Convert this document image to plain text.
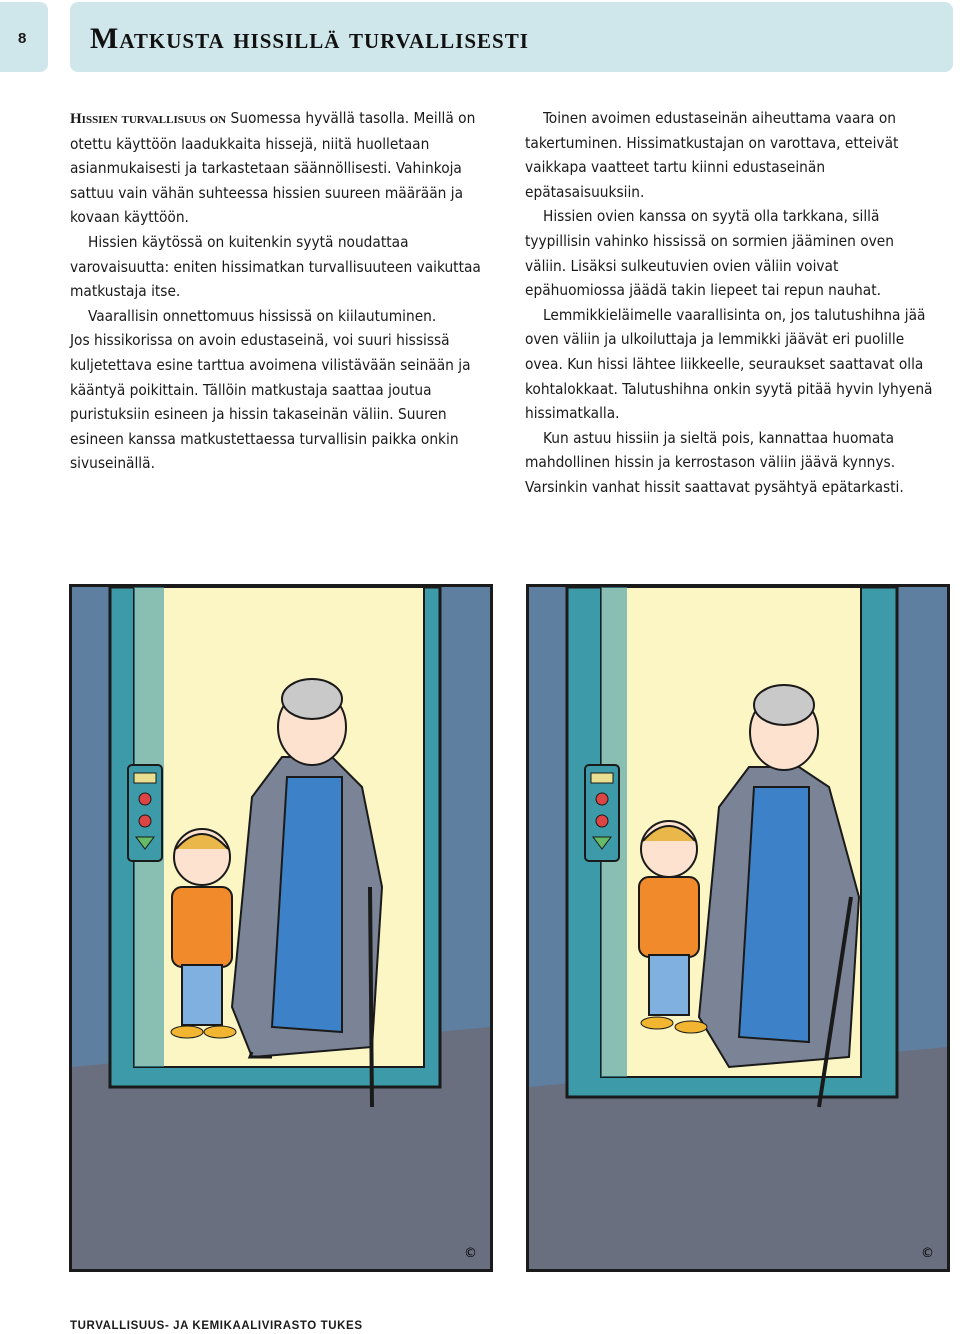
8 Matkusta hissillä turvallisesti

Hissien turvallisuus on Suomessa hyvällä tasolla. Meillä on otettu käyttöön laadukkaita hissejä, niitä huolletaan asianmukaisesti ja tarkastetaan säännöllisesti. Vahinkoja sattuu vain vähän suhteessa hissien suureen määrään ja kovaan käyttöön.

Hissien käytössä on kuitenkin syytä noudattaa varovaisuutta: eniten hissimatkan turvallisuuteen vaikuttaa matkustaja itse.

Vaarallisin onnettomuus hississä on kiilautuminen.

Jos hissikorissa on avoin edustaseinä, voi suuri hississä kuljetettava esine tarttua avoimena vilistävään seinään ja kääntyä poikittain. Tällöin matkustaja saattaa joutua puristuksiin esineen ja hissin takaseinän väliin. Suuren esineen kanssa matkustettaessa turvallisin paikka onkin sivuseinällä.

Toinen avoimen edustaseinän aiheuttama vaara on takertuminen. Hissimatkustajan on varottava, etteivät vaikkapa vaatteet tartu kiinni edustaseinän epätasaisuuksiin.

Hissien ovien kanssa on syytä olla tarkkana, sillä tyypillisin vahinko hississä on sormien jääminen oven väliin. Lisäksi sulkeutuvien ovien väliin voivat epähuomiossa jäädä takin liepeet tai repun nauhat.

Lemmikkieläimelle vaarallisinta on, jos talutushihna jää oven väliin ja ulkoiluttaja ja lemmikki jäävät eri puolille ovea. Kun hissi lähtee liikkeelle, seuraukset saattavat olla kohtalokkaat. Talutushihna onkin syytä pitää hyvin lyhyenä hissimatkalla.

Kun astuu hissiin ja sieltä pois, kannattaa huomata mahdollinen hissin ja kerrostason väliin jäävä kynnys. Varsinkin vanhat hissit saattavat pysähtyä epätarkasti.

©	©
TURVALLISUUS- JA KEMIKAALIVIRASTO TUKES
